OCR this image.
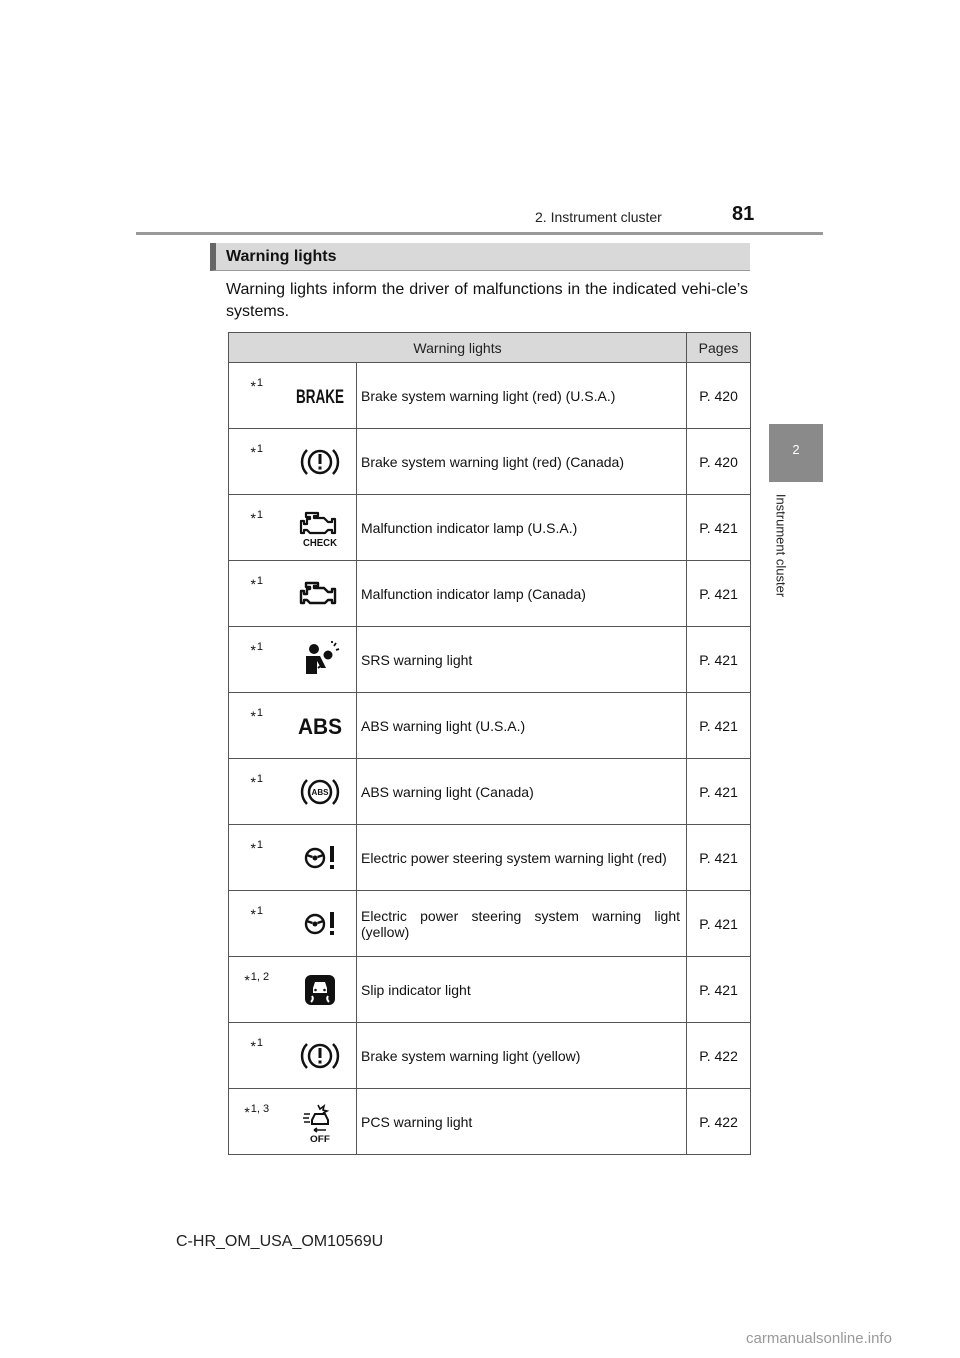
2. Instrument cluster	81
2
Instrument cluster
Warning lights
Warning lights inform the driver of malfunctions in the indicated vehi-cle’s systems.
Warning lights			Pages
*$^1$	BRAKE	Brake system warning light (red) (U.S.A.)	P. 420
*$^1$		Brake system warning light (red) (Canada)	P. 420
*$^1$	CHECK	Malfunction indicator lamp (U.S.A.)	P. 421
*$^1$		Malfunction indicator lamp (Canada)	P. 421
*$^1$		SRS warning light	P. 421
*$^1$	ABS	ABS warning light (U.S.A.)	P. 421
*$^1$	ABS	ABS warning light (Canada)	P. 421
*$^1$		Electric power steering system warning light (red)	P. 421
*$^1$		Electric power steering system warning light (yellow)	P. 421
*$^{1, 2}$		Slip indicator light	P. 421
*$^1$		Brake system warning light (yellow)	P. 422
*$^{1, 3}$	OFF	PCS warning light	P. 422
C-HR_OM_USA_OM10569U
carmanualsonline.info
